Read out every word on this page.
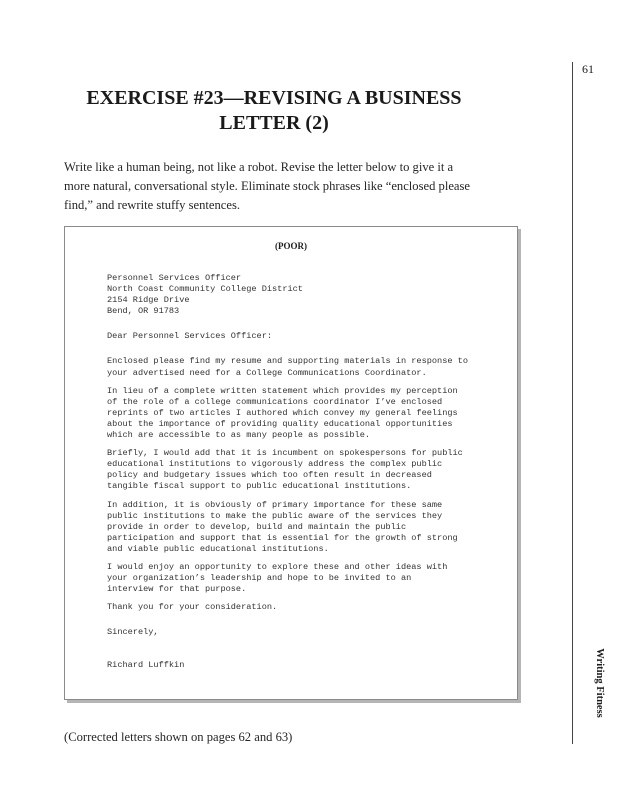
61
Writing Fitness
EXERCISE #23—REVISING A BUSINESS
LETTER (2)

Write like a human being, not like a robot. Revise the letter below to give it a
more natural, conversational style. Eliminate stock phrases like “enclosed please
find,” and rewrite stuffy sentences.

(POOR)

Personnel Services Officer
North Coast Community College District
2154 Ridge Drive
Bend, OR 91783

Dear Personnel Services Officer:

Enclosed please find my resume and supporting materials in response to
your advertised need for a College Communications Coordinator.

In lieu of a complete written statement which provides my perception
of the role of a college communications coordinator I’ve enclosed
reprints of two articles I authored which convey my general feelings
about the importance of providing quality educational opportunities
which are accessible to as many people as possible.

Briefly, I would add that it is incumbent on spokespersons for public
educational institutions to vigorously address the complex public
policy and budgetary issues which too often result in decreased
tangible fiscal support to public educational institutions.

In addition, it is obviously of primary importance for these same
public institutions to make the public aware of the services they
provide in order to develop, build and maintain the public
participation and support that is essential for the growth of strong
and viable public educational institutions.

I would enjoy an opportunity to explore these and other ideas with
your organization’s leadership and hope to be invited to an
interview for that purpose.

Thank you for your consideration.

Sincerely,

Richard Luffkin

(Corrected letters shown on pages 62 and 63)
